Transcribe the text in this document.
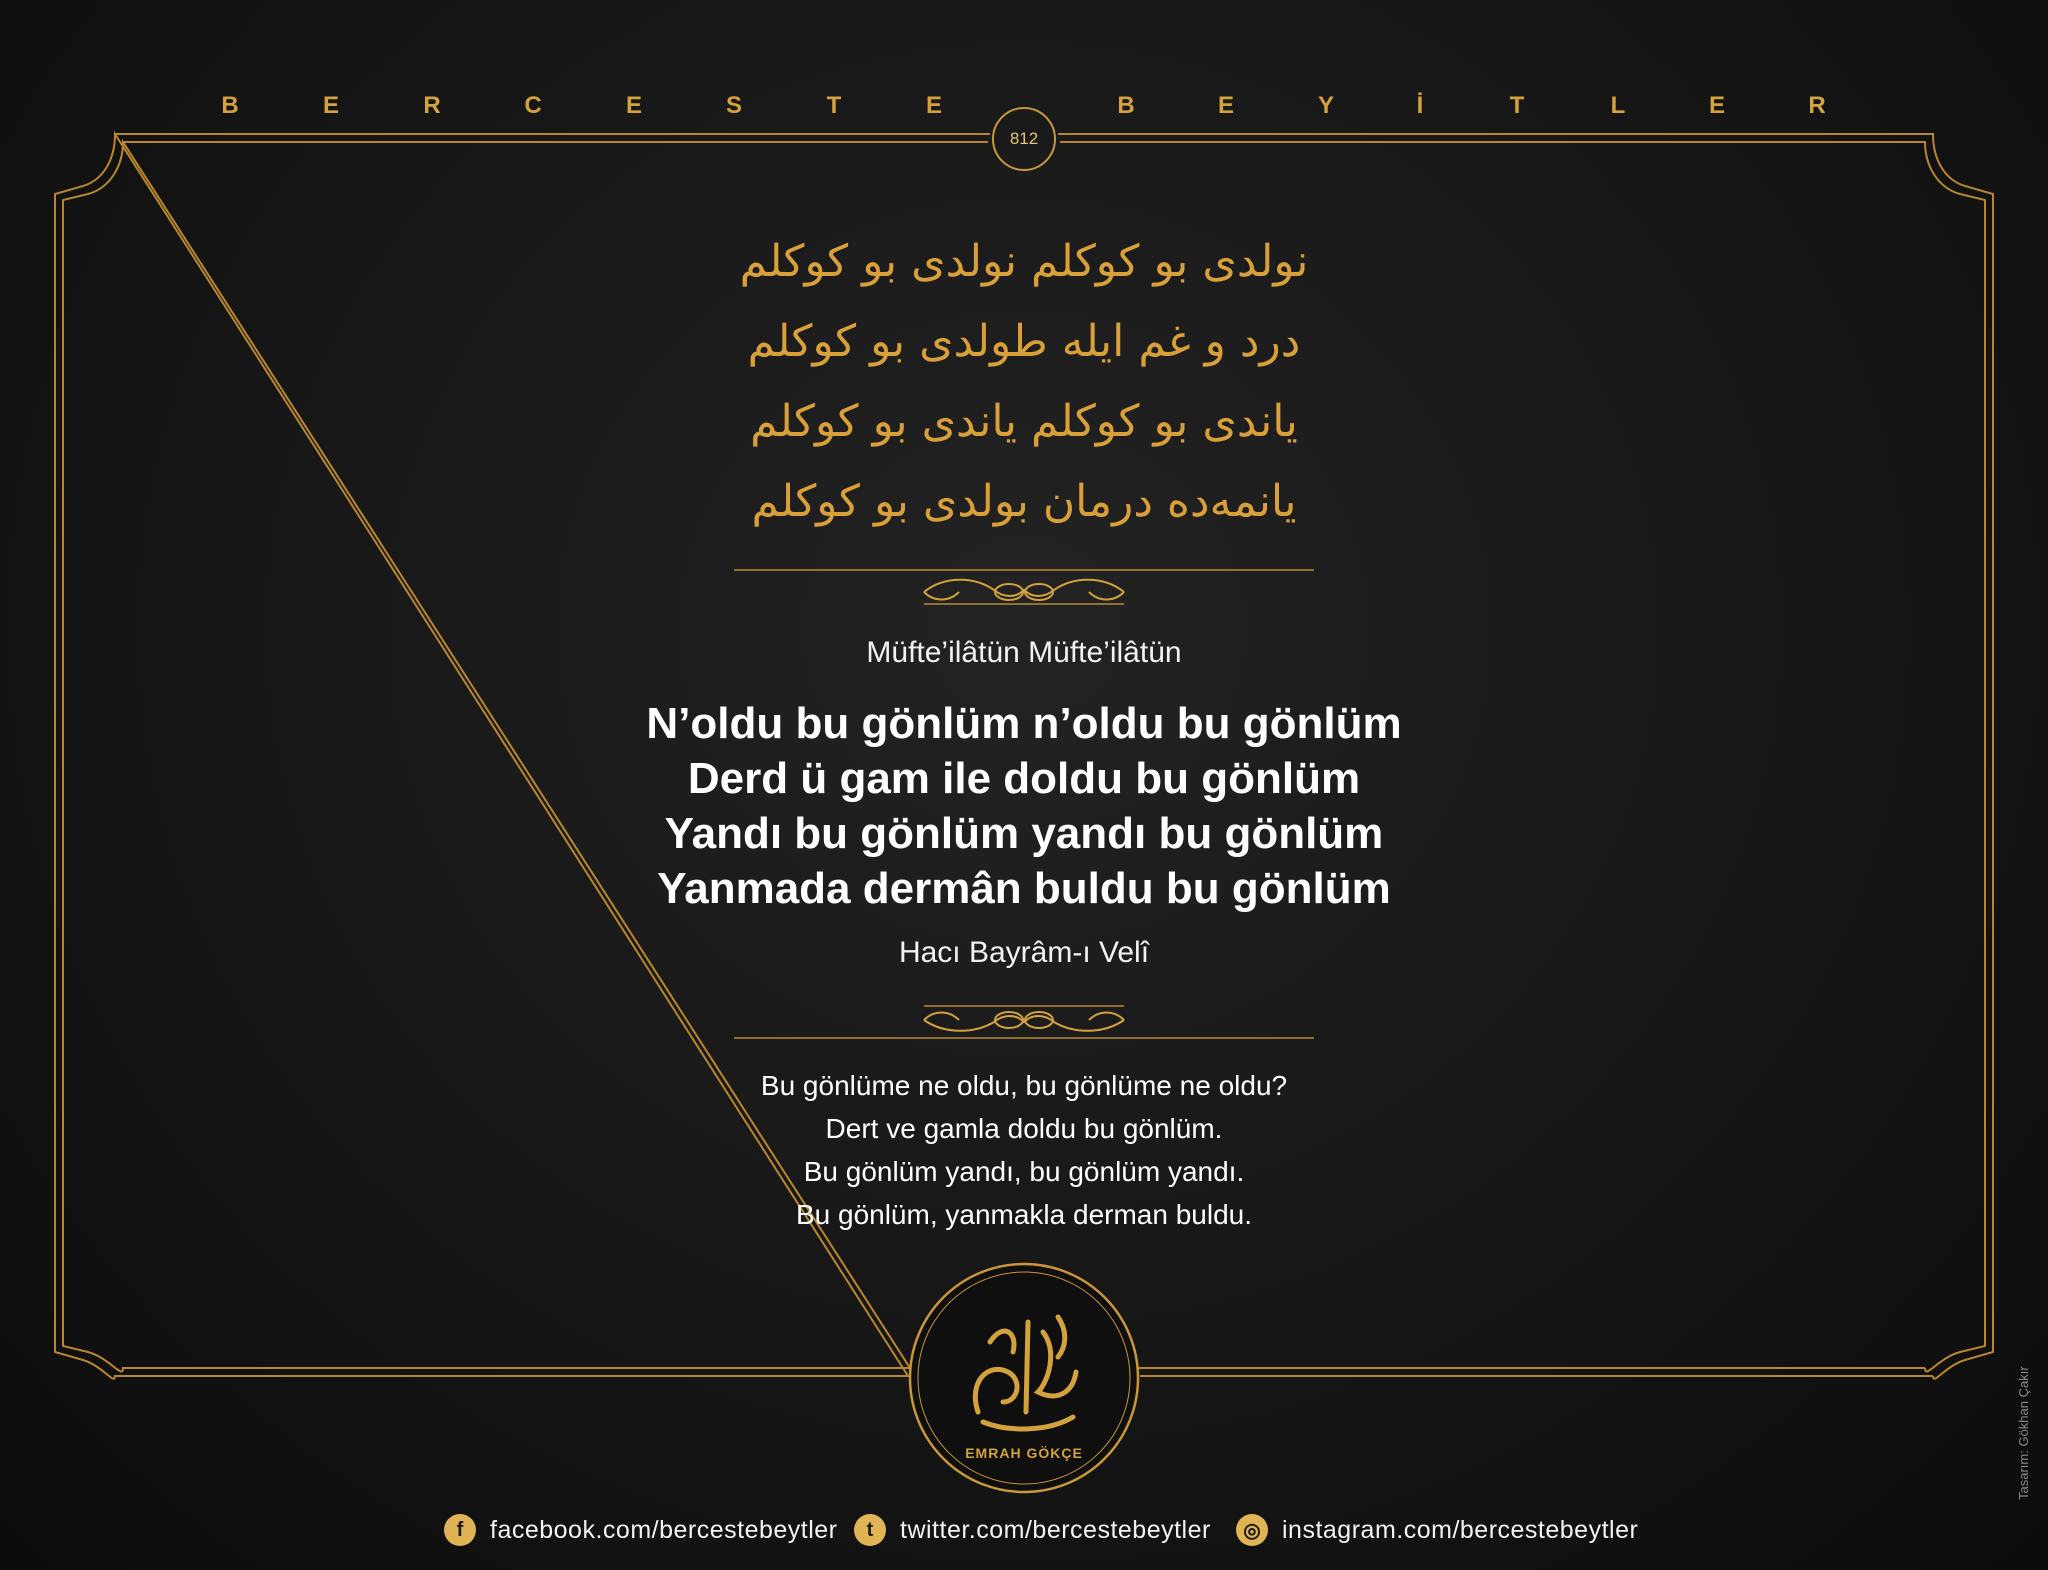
B	E	R	C	E	S	T	E	B	E	Y	İ	T	L	E	R
812
نولدی بو کوکلم نولدی بو کوکلم
درد و غم ایله طولدی بو کوکلم
یاندی بو کوکلم یاندی بو کوکلم
یانمه‌ده درمان بولدی بو کوکلم
Müfte’ilâtün Müfte’ilâtün
N’oldu bu gönlüm n’oldu bu gönlüm
Derd ü gam ile doldu bu gönlüm
Yandı bu gönlüm yandı bu gönlüm
Yanmada dermân buldu bu gönlüm
Hacı Bayrâm-ı Velî
Bu gönlüme ne oldu, bu gönlüme ne oldu?
Dert ve gamla doldu bu gönlüm.
Bu gönlüm yandı, bu gönlüm yandı.
Bu gönlüm, yanmakla derman buldu.
EMRAH GÖKÇE
f	facebook.com/bercestebeytler	t	twitter.com/bercestebeytler	◎ instagram.com/bercestebeytler
Tasarım: Gökhan Çakır
